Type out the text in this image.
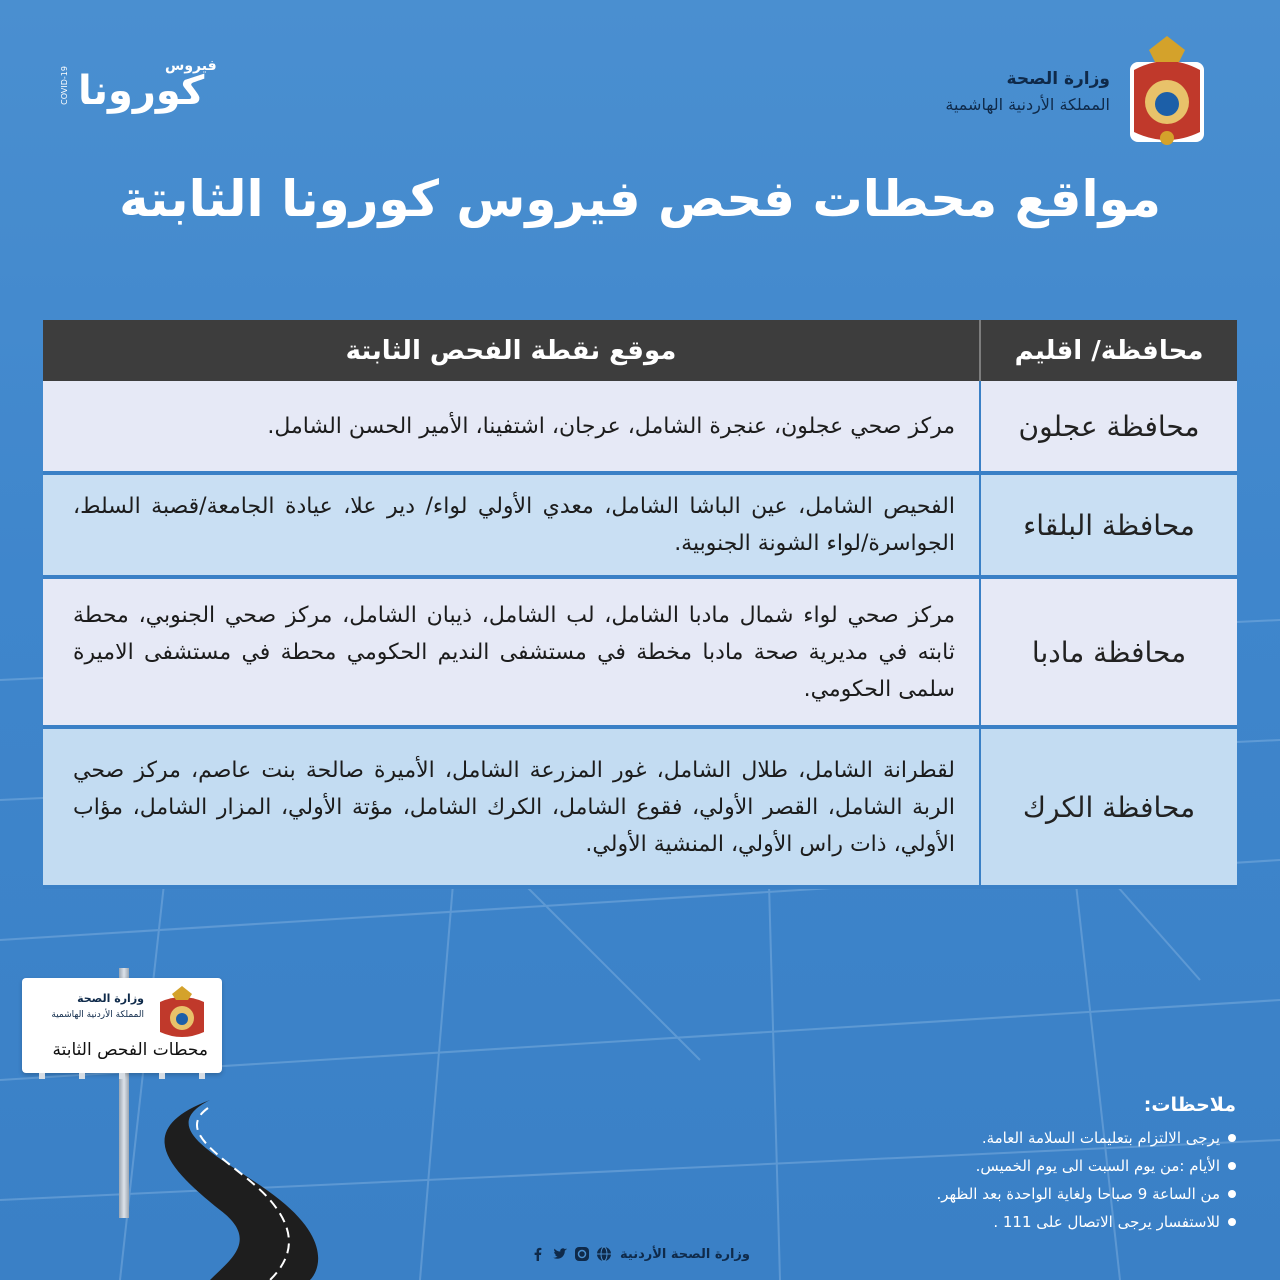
وزارة الصحة
المملكة الأردنية الهاشمية
COVID-19	فيروس
كورونا
مواقع محطات فحص فيروس كورونا الثابتة
محافظة/ اقليم
موقع نقطة الفحص الثابتة
محافظة عجلون
مركز صحي عجلون، عنجرة الشامل، عرجان، اشتفينا، الأمير الحسن الشامل.
محافظة البلقاء
الفحيص الشامل، عين الباشا الشامل، معدي الأولي لواء/ دير علا، عيادة الجامعة/قصبة السلط، الجواسرة/لواء الشونة الجنوبية.
محافظة مادبا
مركز صحي لواء شمال مادبا الشامل، لب الشامل، ذيبان الشامل، مركز صحي الجنوبي، محطة ثابته في مديرية صحة مادبا مخطة في مستشفى النديم الحكومي محطة في مستشفى الاميرة سلمى الحكومي.
محافظة الكرك
لقطرانة الشامل، طلال الشامل، غور المزرعة الشامل، الأميرة صالحة بنت عاصم، مركز صحي الربة الشامل، القصر الأولي، فقوع الشامل، الكرك الشامل، مؤتة الأولي، المزار الشامل، مؤاب الأولي، ذات راس الأولي، المنشية الأولي.
وزارة الصحة
المملكة الأردنية الهاشمية
محطات الفحص الثابتة
ملاحظات:
يرجى الالتزام بتعليمات السلامة العامة.
الأيام :من يوم السبت الى يوم الخميس.
من الساعة 9 صباحا ولغاية الواحدة بعد الظهر.
للاستفسار يرجى الاتصال على 111 .
وزارة الصحة الأردنية
